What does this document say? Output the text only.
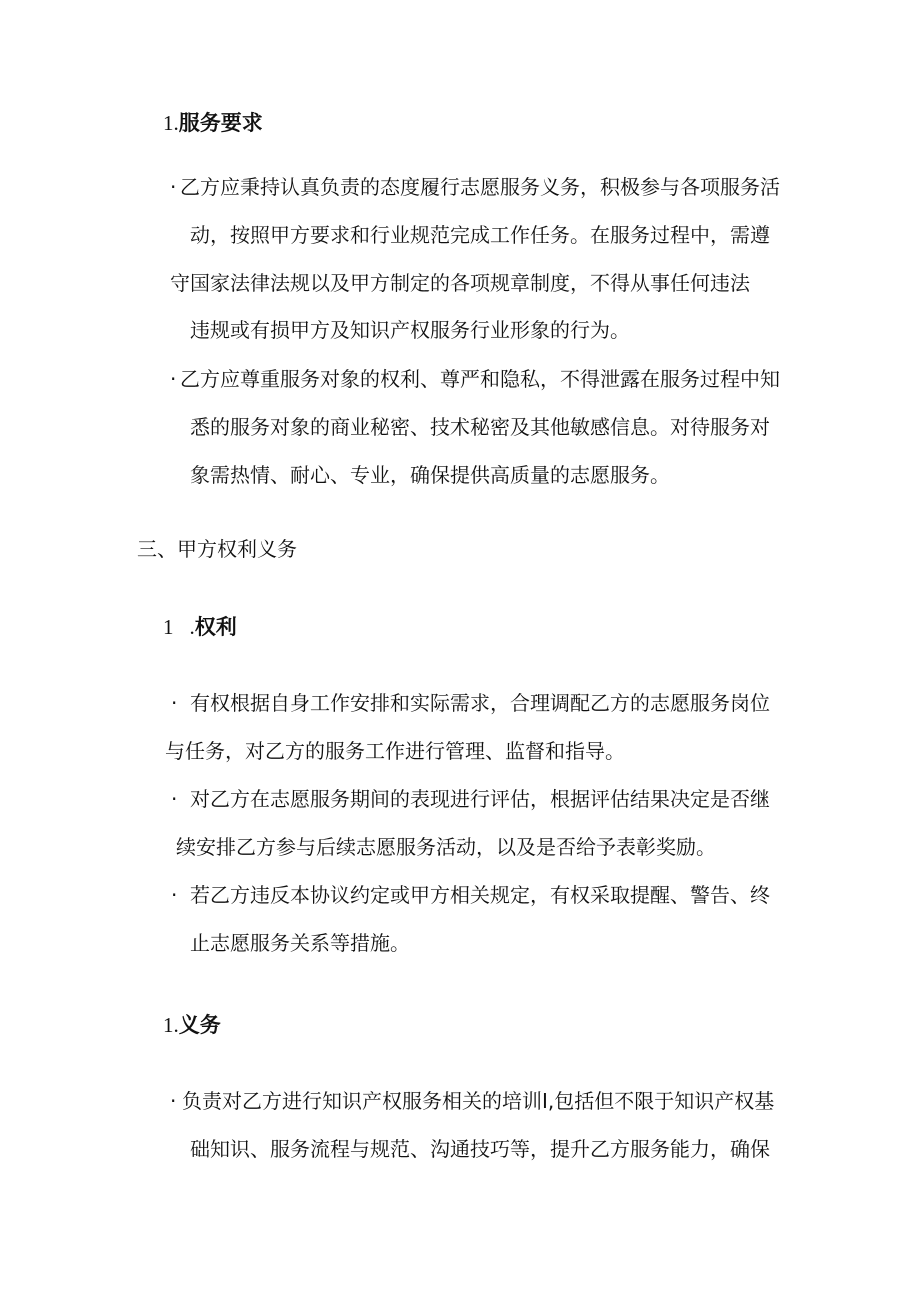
1.服务要求
· 乙方应秉持认真负责的态度履行志愿服务义务，积极参与各项服务活
动，按照甲方要求和行业规范完成工作任务。在服务过程中，需遵
守国家法律法规以及甲方制定的各项规章制度，不得从事任何违法
违规或有损甲方及知识产权服务行业形象的行为。
· 乙方应尊重服务对象的权利、尊严和隐私，不得泄露在服务过程中知
悉的服务对象的商业秘密、技术秘密及其他敏感信息。对待服务对
象需热情、耐心、专业，确保提供高质量的志愿服务。
三、甲方权利义务
1 .权利
· 有权根据自身工作安排和实际需求，合理调配乙方的志愿服务岗位
与任务，对乙方的服务工作进行管理、监督和指导。
· 对乙方在志愿服务期间的表现进行评估，根据评估结果决定是否继
续安排乙方参与后续志愿服务活动，以及是否给予表彰奖励。
· 若乙方违反本协议约定或甲方相关规定，有权采取提醒、警告、终
止志愿服务关系等措施。
1.义务
· 负责对乙方进行知识产权服务相关的培训I,包括但不限于知识产权基
础知识、服务流程与规范、沟通技巧等，提升乙方服务能力，确保
